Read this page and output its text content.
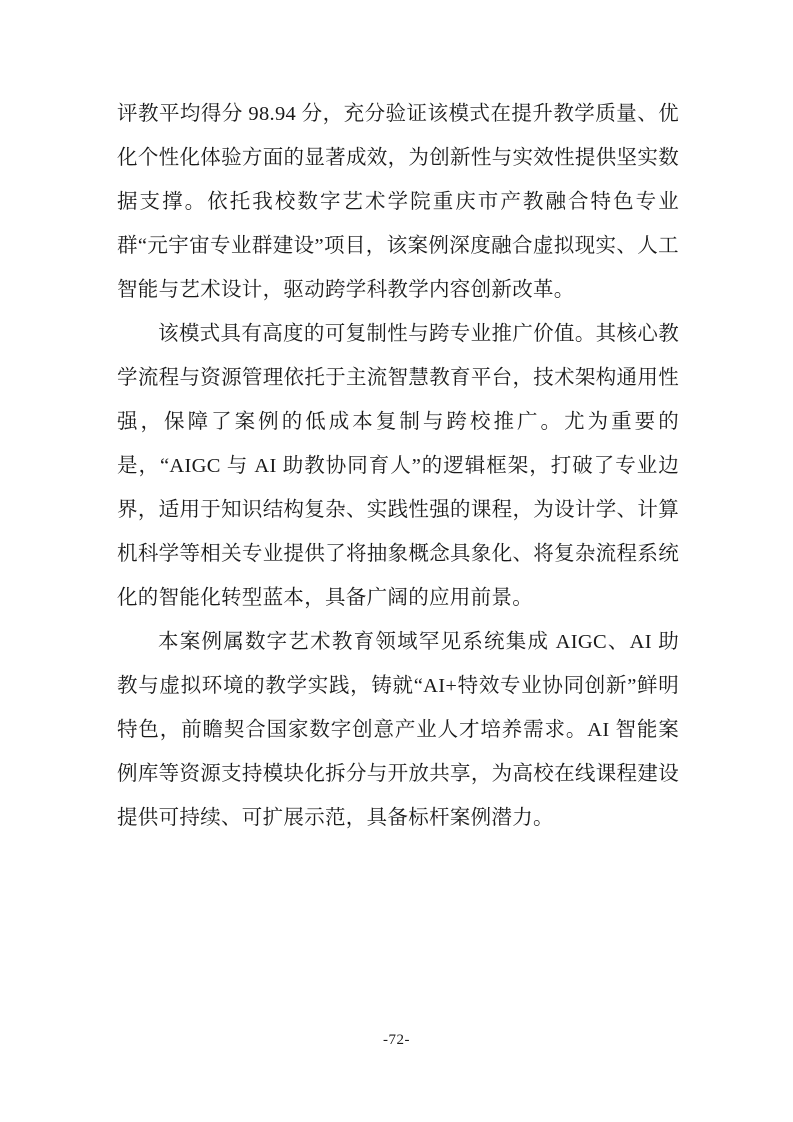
评教平均得分 98.94 分，充分验证该模式在提升教学质量、优化个性化体验方面的显著成效，为创新性与实效性提供坚实数据支撑。依托我校数字艺术学院重庆市产教融合特色专业群“元宇宙专业群建设”项目，该案例深度融合虚拟现实、人工智能与艺术设计，驱动跨学科教学内容创新改革。

该模式具有高度的可复制性与跨专业推广价值。其核心教学流程与资源管理依托于主流智慧教育平台，技术架构通用性强，保障了案例的低成本复制与跨校推广。尤为重要的是，“AIGC 与 AI 助教协同育人”的逻辑框架，打破了专业边界，适用于知识结构复杂、实践性强的课程，为设计学、计算机科学等相关专业提供了将抽象概念具象化、将复杂流程系统化的智能化转型蓝本，具备广阔的应用前景。

本案例属数字艺术教育领域罕见系统集成 AIGC、AI 助教与虚拟环境的教学实践，铸就“AI+特效专业协同创新”鲜明特色，前瞻契合国家数字创意产业人才培养需求。AI 智能案例库等资源支持模块化拆分与开放共享，为高校在线课程建设提供可持续、可扩展示范，具备标杆案例潜力。

-72-
